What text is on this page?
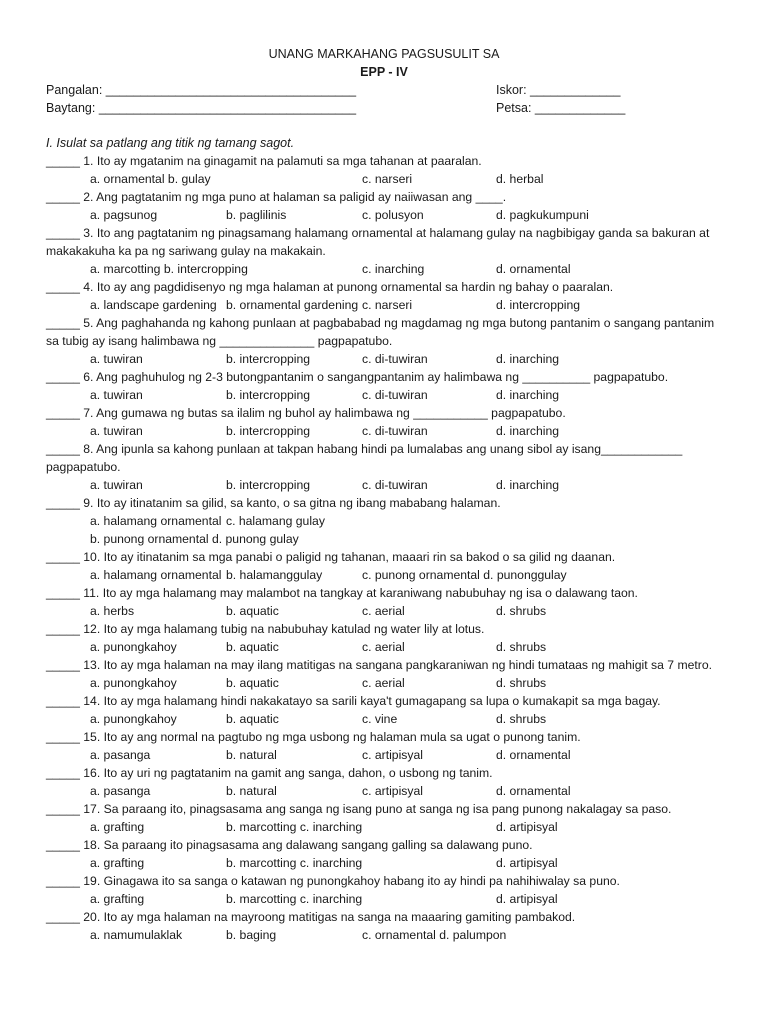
UNANG MARKAHANG PAGSUSULIT SA
EPP - IV
Pangalan: ____________________________________
Baytang: _____________________________________
Iskor: _____________
Petsa: _____________
I. Isulat sa patlang ang titik ng tamang sagot.
_____ 1. Ito ay mgatanim na ginagamit na palamuti sa mga tahanan at paaralan.
a. ornamental b. gulay	c. narseri	d. herbal
_____ 2. Ang pagtatanim ng mga puno at halaman sa paligid ay naiiwasan ang ____.
a. pagsunog	b. paglilinis	c. polusyon	d. pagkukumpuni
_____ 3. Ito ang pagtatanim ng pinagsamang halamang ornamental at halamang gulay na nagbibigay ganda sa bakuran at makakakuha ka pa ng sariwang gulay na makakain.
a. marcotting b. intercropping	c. inarching	d. ornamental
_____ 4. Ito ay ang pagdidisenyo ng mga halaman at punong ornamental sa hardin ng bahay o paaralan.
a. landscape gardening b. ornamental gardening c. narseri	d. intercropping
_____ 5. Ang paghahanda ng kahong punlaan at pagbababad ng magdamag ng mga butong pantanim o sangang pantanim sa tubig ay isang halimbawa ng ______________ pagpapatubo.
a. tuwiran	b. intercropping	c. di-tuwiran	d. inarching
_____ 6. Ang paghuhulog ng 2-3 butongpantanim o sangangpantanim ay halimbawa ng __________ pagpapatubo.
a. tuwiran	b. intercropping	c. di-tuwiran	d. inarching
_____ 7. Ang gumawa ng butas sa ilalim ng buhol ay halimbawa ng ___________ pagpapatubo.
a. tuwiran	b. intercropping	c. di-tuwiran	d. inarching
_____ 8. Ang ipunla sa kahong punlaan at takpan habang hindi pa lumalabas ang unang sibol ay isang____________ pagpapatubo.
a. tuwiran	b. intercropping	c. di-tuwiran	d. inarching
_____ 9. Ito ay itinatanim sa gilid, sa kanto, o sa gitna ng ibang mababang halaman.
a. halamang ornamental c. halamang gulay
b. punong ornamental d. punong gulay
_____ 10. Ito ay itinatanim sa mga panabi o paligid ng tahanan, maaari rin sa bakod o sa gilid ng daanan.
a. halamang ornamental b. halamanggulay	c. punong ornamental d. punonggulay
_____ 11. Ito ay mga halamang may malambot na tangkay at karaniwang nabubuhay ng isa o dalawang taon.
a. herbs	b. aquatic	c. aerial	d. shrubs
_____ 12. Ito ay mga halamang tubig na nabubuhay katulad ng water lily at lotus.
a. punongkahoy	b. aquatic	c. aerial	d. shrubs
_____ 13. Ito ay mga halaman na may ilang matitigas na sangana pangkaraniwan ng hindi tumataas ng mahigit sa 7 metro.
a. punongkahoy	b. aquatic	c. aerial	d. shrubs
_____ 14. Ito ay mga halamang hindi nakakatayo sa sarili kaya't gumagapang sa lupa o kumakapit sa mga bagay.
a. punongkahoy	b. aquatic	c. vine	d. shrubs
_____ 15. Ito ay ang normal na pagtubo ng mga usbong ng halaman mula sa ugat o punong tanim.
a. pasanga	b. natural	c. artipisyal	d. ornamental
_____ 16. Ito ay uri ng pagtatanim na gamit ang sanga, dahon, o usbong ng tanim.
a. pasanga	b. natural	c. artipisyal	d. ornamental
_____ 17. Sa paraang ito, pinagsasama ang sanga ng isang puno at sanga ng isa pang punong nakalagay sa paso.
a. grafting	b. marcotting c. inarching	d. artipisyal
_____ 18. Sa paraang ito pinagsasama ang dalawang sangang galling sa dalawang puno.
a. grafting	b. marcotting c. inarching	d. artipisyal
_____ 19. Ginagawa ito sa sanga o katawan ng punongkahoy habang ito ay hindi pa nahihiwalay sa puno.
a. grafting	b. marcotting c. inarching	d. artipisyal
_____ 20. Ito ay mga halaman na mayroong matitigas na sanga na maaaring gamiting pambakod.
a. namumulaklak	b. baging	c. ornamental d. palumpon
